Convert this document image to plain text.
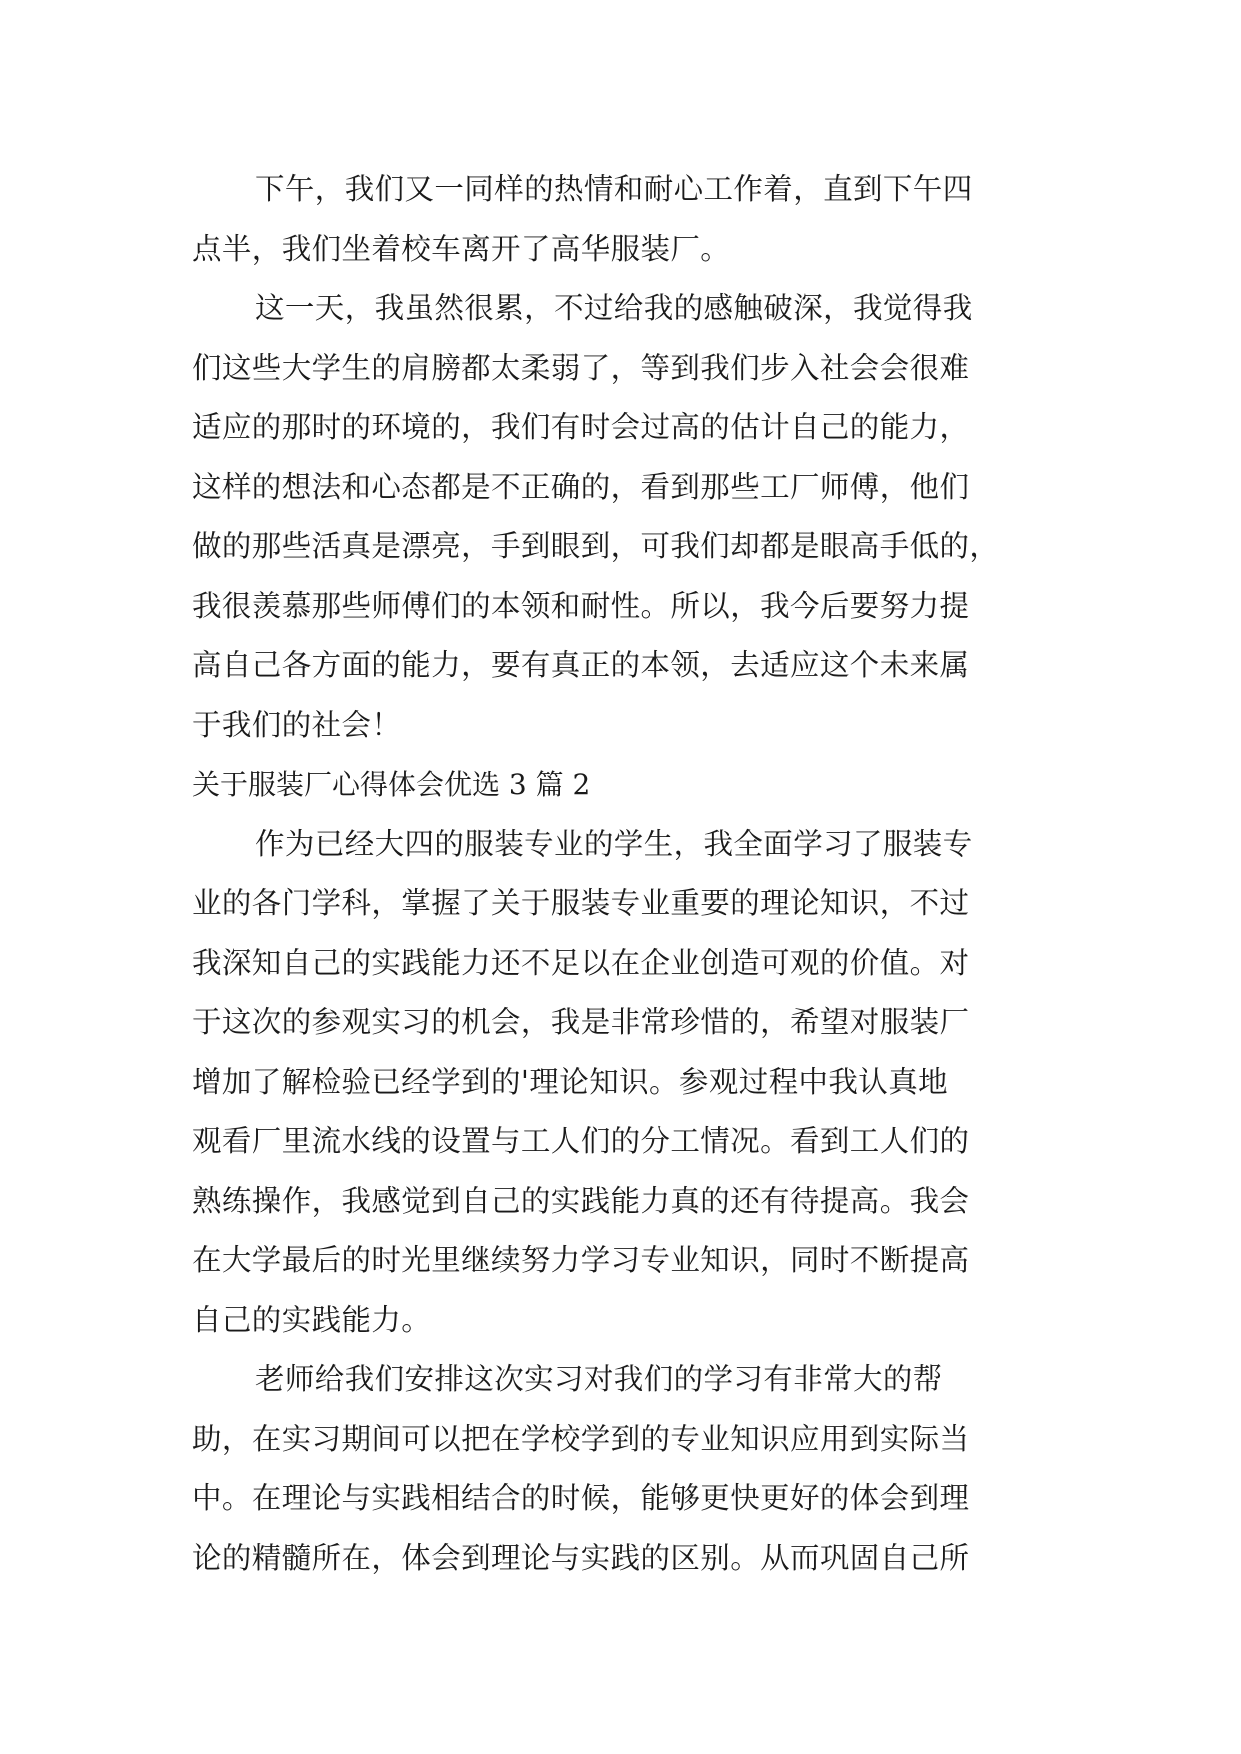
下午，我们又一同样的热情和耐心工作着，直到下午四
点半，我们坐着校车离开了高华服装厂。
这一天，我虽然很累，不过给我的感触破深，我觉得我
们这些大学生的肩膀都太柔弱了，等到我们步入社会会很难
适应的那时的环境的，我们有时会过高的估计自己的能力，
这样的想法和心态都是不正确的，看到那些工厂师傅，他们
做的那些活真是漂亮，手到眼到，可我们却都是眼高手低的，
我很羡慕那些师傅们的本领和耐性。所以，我今后要努力提
高自己各方面的能力，要有真正的本领，去适应这个未来属
于我们的社会！
关于服装厂心得体会优选 3 篇 2
作为已经大四的服装专业的学生，我全面学习了服装专
业的各门学科，掌握了关于服装专业重要的理论知识，不过
我深知自己的实践能力还不足以在企业创造可观的价值。对
于这次的参观实习的机会，我是非常珍惜的，希望对服装厂
增加了解检验已经学到的'理论知识。参观过程中我认真地
观看厂里流水线的设置与工人们的分工情况。看到工人们的
熟练操作，我感觉到自己的实践能力真的还有待提高。我会
在大学最后的时光里继续努力学习专业知识，同时不断提高
自己的实践能力。
老师给我们安排这次实习对我们的学习有非常大的帮
助，在实习期间可以把在学校学到的专业知识应用到实际当
中。在理论与实践相结合的时候，能够更快更好的体会到理
论的精髓所在，体会到理论与实践的区别。从而巩固自己所
